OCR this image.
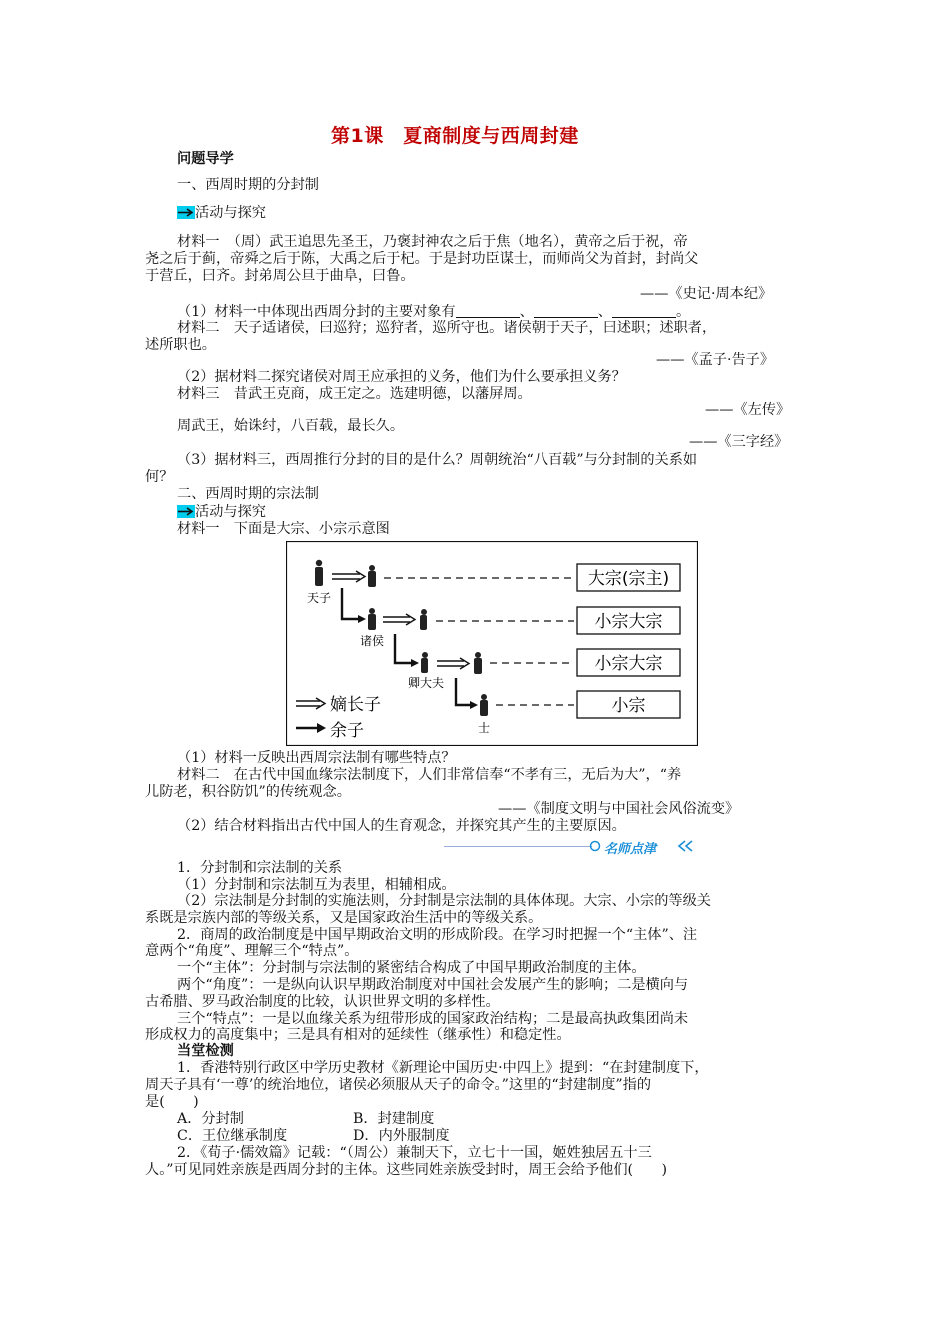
第1课　夏商制度与西周封建
问题导学
一、西周时期的分封制
活动与探究
材料一　（周）武王追思先圣王，乃褒封神农之后于焦（地名），黄帝之后于祝，帝
尧之后于蓟，帝舜之后于陈，大禹之后于杞。于是封功臣谋士，而师尚父为首封，封尚父
于营丘，曰齐。封弟周公旦于曲阜，曰鲁。
——《史记·周本纪》
（1）材料一中体现出西周分封的主要对象有	、	、	。
材料二　天子适诸侯，曰巡狩；巡狩者，巡所守也。诸侯朝于天子，曰述职；述职者，
述所职也。
——《孟子·告子》
（2）据材料二探究诸侯对周王应承担的义务，他们为什么要承担义务？
材料三　昔武王克商，成王定之。选建明德，以藩屏周。
——《左传》
周武王，始诛纣，八百载，最长久。
——《三字经》
（3）据材料三，西周推行分封的目的是什么？周朝统治“八百载”与分封制的关系如
何？
二、西周时期的宗法制
活动与探究
材料一　下面是大宗、小宗示意图
大宗(宗主)
小宗大宗
小宗大宗
小宗
天子
诸侯
卿大夫
士
嫡长子
余子
（1）材料一反映出西周宗法制有哪些特点？
材料二　在古代中国血缘宗法制度下，人们非常信奉“不孝有三，无后为大”，“养
儿防老，积谷防饥”的传统观念。
——《制度文明与中国社会风俗流变》
（2）结合材料指出古代中国人的生育观念，并探究其产生的主要原因。
名师点津
1．分封制和宗法制的关系
（1）分封制和宗法制互为表里，相辅相成。
（2）宗法制是分封制的实施法则，分封制是宗法制的具体体现。大宗、小宗的等级关
系既是宗族内部的等级关系，又是国家政治生活中的等级关系。
2．商周的政治制度是中国早期政治文明的形成阶段。在学习时把握一个“主体”、注
意两个“角度”、理解三个“特点”。
一个“主体”：分封制与宗法制的紧密结合构成了中国早期政治制度的主体。
两个“角度”：一是纵向认识早期政治制度对中国社会发展产生的影响；二是横向与
古希腊、罗马政治制度的比较，认识世界文明的多样性。
三个“特点”：一是以血缘关系为纽带形成的国家政治结构；二是最高执政集团尚未
形成权力的高度集中；三是具有相对的延续性（继承性）和稳定性。
当堂检测
1．香港特别行政区中学历史教材《新理论中国历史·中四上》提到：“在封建制度下，
周天子具有‘一尊’的统治地位，诸侯必须服从天子的命令。”这里的“封建制度”指的
是(　　)
A．分封制	B．封建制度
C．王位继承制度	D．内外服制度
2．《荀子·儒效篇》记载：“（周公）兼制天下，立七十一国，姬姓独居五十三
人。”可见同姓亲族是西周分封的主体。这些同姓亲族受封时，周王会给予他们(　　)
